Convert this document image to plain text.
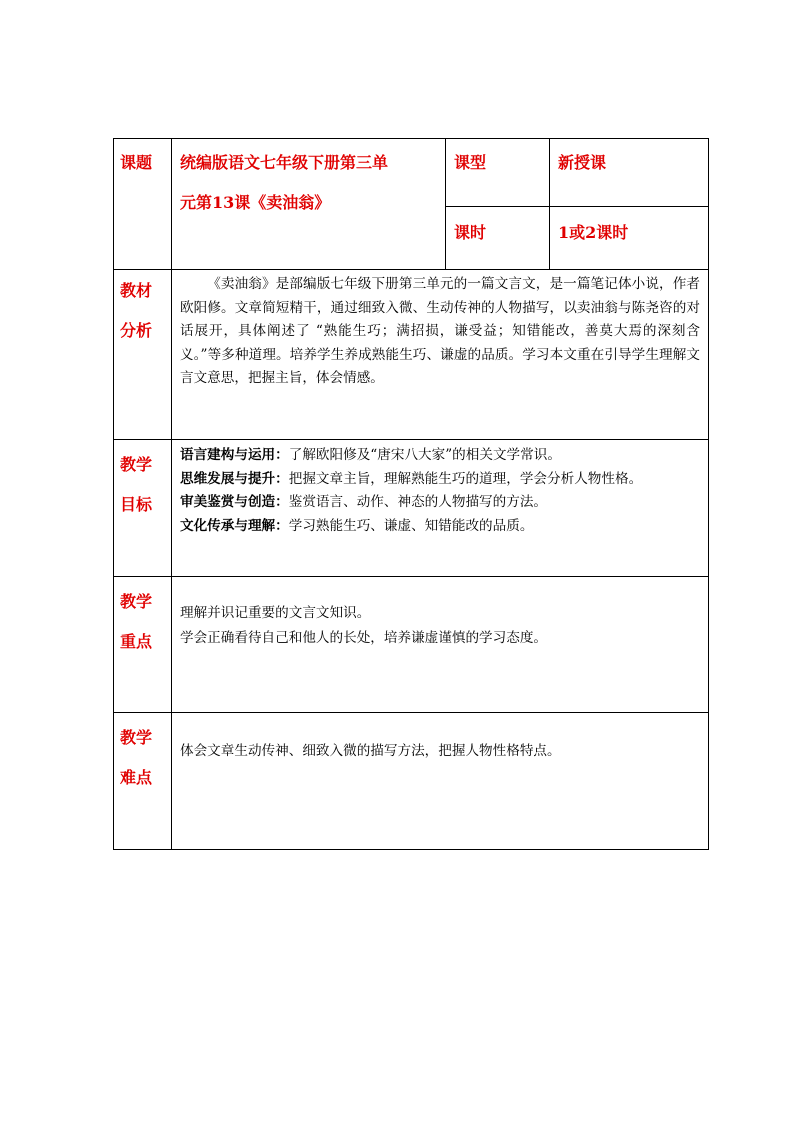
课题	统编版语文七年级下册第三单
元第13课《卖油翁》	课型	新授课
		课时	1或2课时

教材
分析	《卖油翁》是部编版七年级下册第三单元的一篇文言文，是一篇笔记体小说，作者欧阳修。文章简短精干，通过细致入微、生动传神的人物描写，以卖油翁与陈尧咨的对话展开，具体阐述了 “熟能生巧；满招损，谦受益；知错能改，善莫大焉的深刻含义。”等多种道理。培养学生养成熟能生巧、谦虚的品质。学习本文重在引导学生理解文言文意思，把握主旨，体会情感。		

教学
目标	语言建构与运用：了解欧阳修及“唐宋八大家”的相关文学常识。
思维发展与提升：把握文章主旨，理解熟能生巧的道理，学会分析人物性格。
审美鉴赏与创造：鉴赏语言、动作、神态的人物描写的方法。
文化传承与理解：学习熟能生巧、谦虚、知错能改的品质。		

教学
重点	理解并识记重要的文言文知识。
学会正确看待自己和他人的长处，培养谦虚谨慎的学习态度。		

教学
难点	体会文章生动传神、细致入微的描写方法，把握人物性格特点。		
